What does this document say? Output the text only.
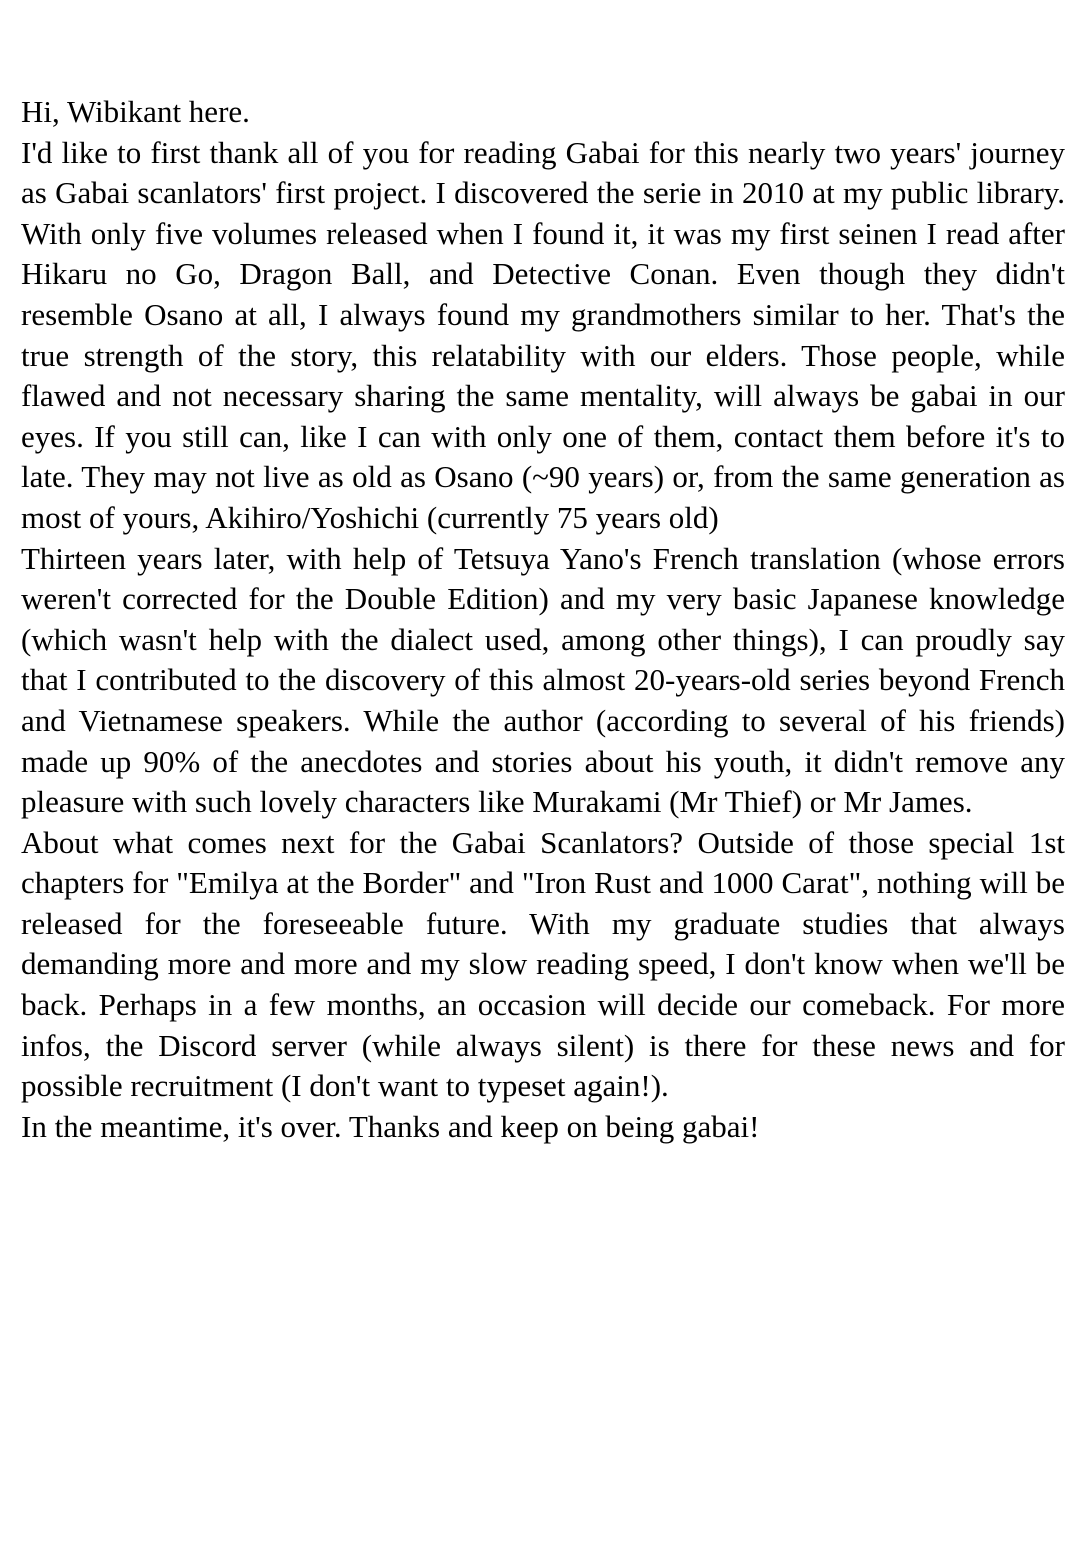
Hi, Wibikant here.

I'd like to first thank all of you for reading Gabai for this nearly two years' journey as Gabai scanlators' first project. I discovered the serie in 2010 at my public library. With only five volumes released when I found it, it was my first seinen I read after Hikaru no Go, Dragon Ball, and Detective Conan. Even though they didn't resemble Osano at all, I always found my grandmothers similar to her. That's the true strength of the story, this relatability with our elders. Those people, while flawed and not necessary sharing the same mentality, will always be gabai in our eyes. If you still can, like I can with only one of them, contact them before it's to late. They may not live as old as Osano (~90 years) or, from the same generation as most of yours, Akihiro/Yoshichi (currently 75 years old)

Thirteen years later, with help of Tetsuya Yano's French translation (whose errors weren't corrected for the Double Edition) and my very basic Japanese knowledge (which wasn't help with the dialect used, among other things), I can proudly say that I contributed to the discovery of this almost 20-years-old series beyond French and Vietnamese speakers. While the author (according to several of his friends) made up 90% of the anecdotes and stories about his youth, it didn't remove any pleasure with such lovely characters like Murakami (Mr Thief) or Mr James.

About what comes next for the Gabai Scanlators? Outside of those special 1st chapters for "Emilya at the Border" and "Iron Rust and 1000 Carat", nothing will be released for the foreseeable future. With my graduate studies that always demanding more and more and my slow reading speed, I don't know when we'll be back. Perhaps in a few months, an occasion will decide our comeback. For more infos, the Discord server (while always silent) is there for these news and for possible recruitment (I don't want to typeset again!).

In the meantime, it's over. Thanks and keep on being gabai!
